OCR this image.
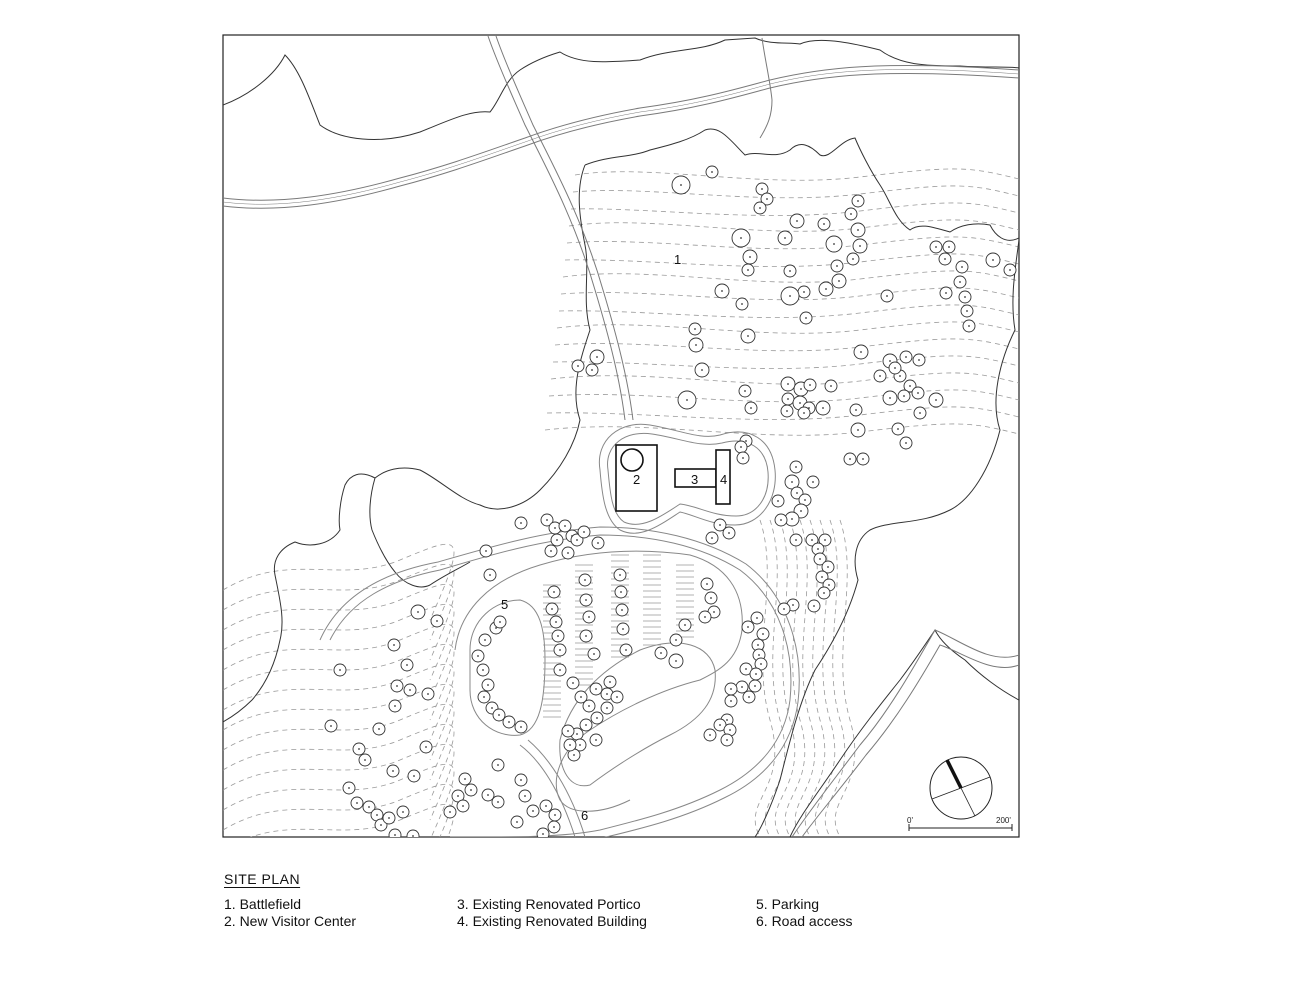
1
2	3 4
5
6	0'	200'
SITE PLAN
1. Battlefield
2. New Visitor Center
3. Existing Renovated Portico
4. Existing Renovated Building
5. Parking
6. Road access
